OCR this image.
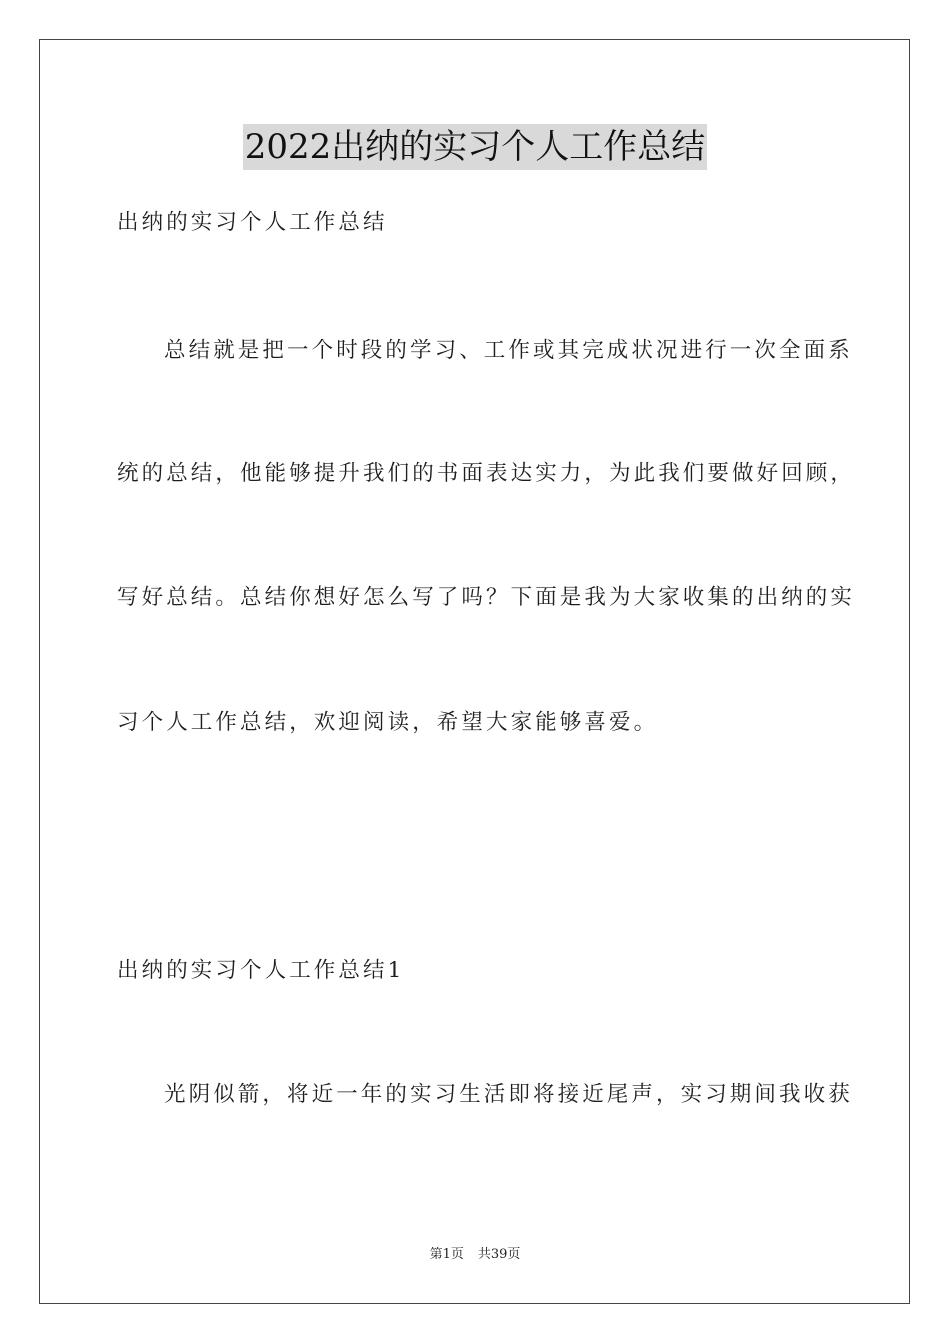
2022出纳的实习个人工作总结
出纳的实习个人工作总结
总结就是把一个时段的学习、工作或其完成状况进行一次全面系
统的总结，他能够提升我们的书面表达实力，为此我们要做好回顾，
写好总结。总结你想好怎么写了吗？下面是我为大家收集的出纳的实
习个人工作总结，欢迎阅读，希望大家能够喜爱。
出纳的实习个人工作总结1
光阴似箭，将近一年的实习生活即将接近尾声，实习期间我收获
第1页 共39页
